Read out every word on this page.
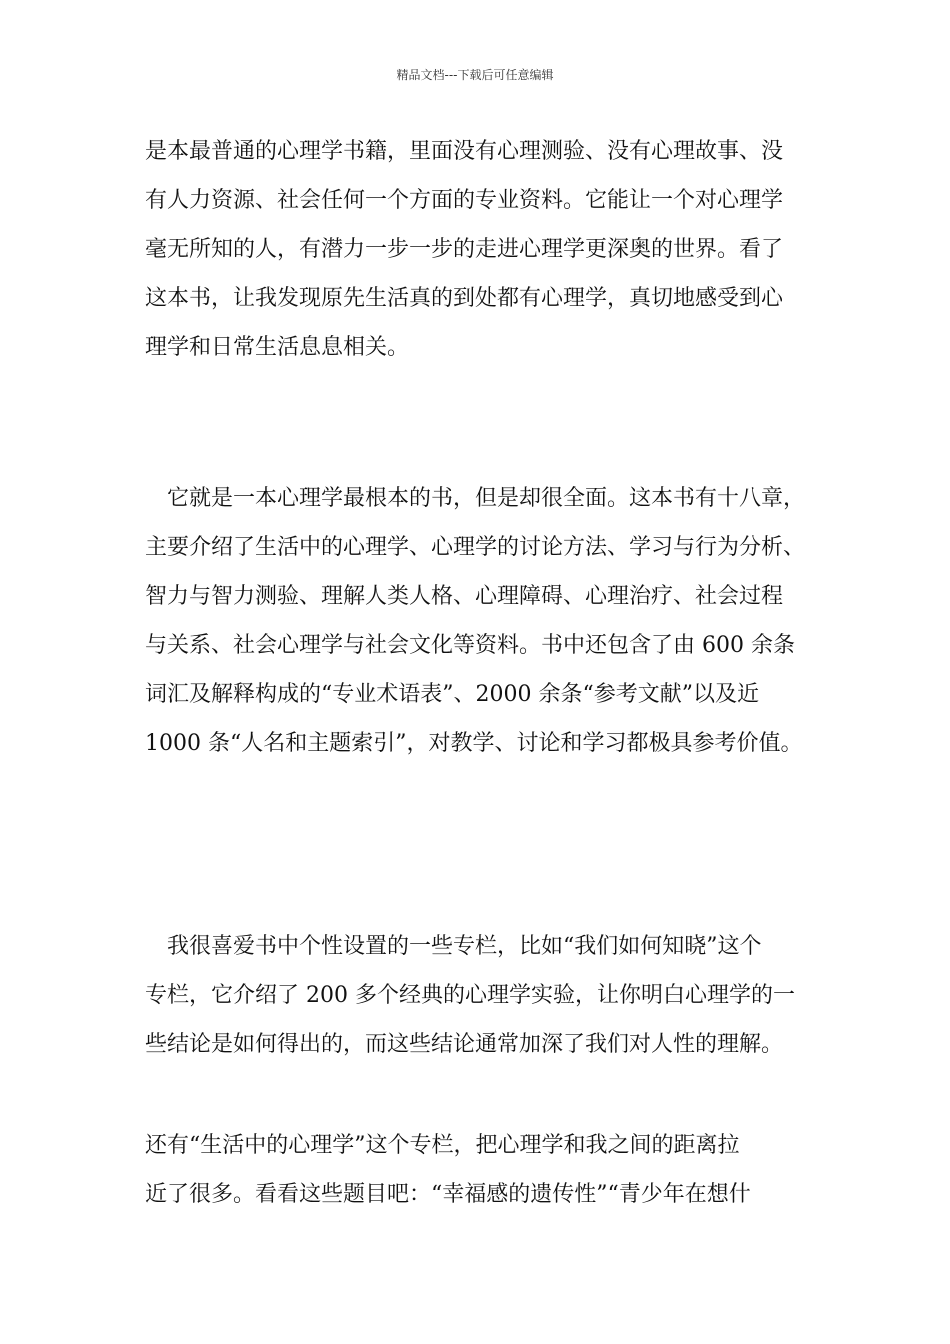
精品文档---下载后可任意编辑
是本最普通的心理学书籍，里面没有心理测验、没有心理故事、没
有人力资源、社会任何一个方面的专业资料。它能让一个对心理学
毫无所知的人，有潜力一步一步的走进心理学更深奥的世界。看了
这本书，让我发现原先生活真的到处都有心理学，真切地感受到心
理学和日常生活息息相关。
　它就是一本心理学最根本的书，但是却很全面。这本书有十八章，
主要介绍了生活中的心理学、心理学的讨论方法、学习与行为分析、
智力与智力测验、理解人类人格、心理障碍、心理治疗、社会过程
与关系、社会心理学与社会文化等资料。书中还包含了由 600 余条
词汇及解释构成的“专业术语表”、2000 余条“参考文献”以及近
1000 条“人名和主题索引”，对教学、讨论和学习都极具参考价值。
　我很喜爱书中个性设置的一些专栏，比如“我们如何知晓”这个
专栏，它介绍了 200 多个经典的心理学实验，让你明白心理学的一
些结论是如何得出的，而这些结论通常加深了我们对人性的理解。
还有“生活中的心理学”这个专栏，把心理学和我之间的距离拉
近了很多。看看这些题目吧：“幸福感的遗传性”“青少年在想什
